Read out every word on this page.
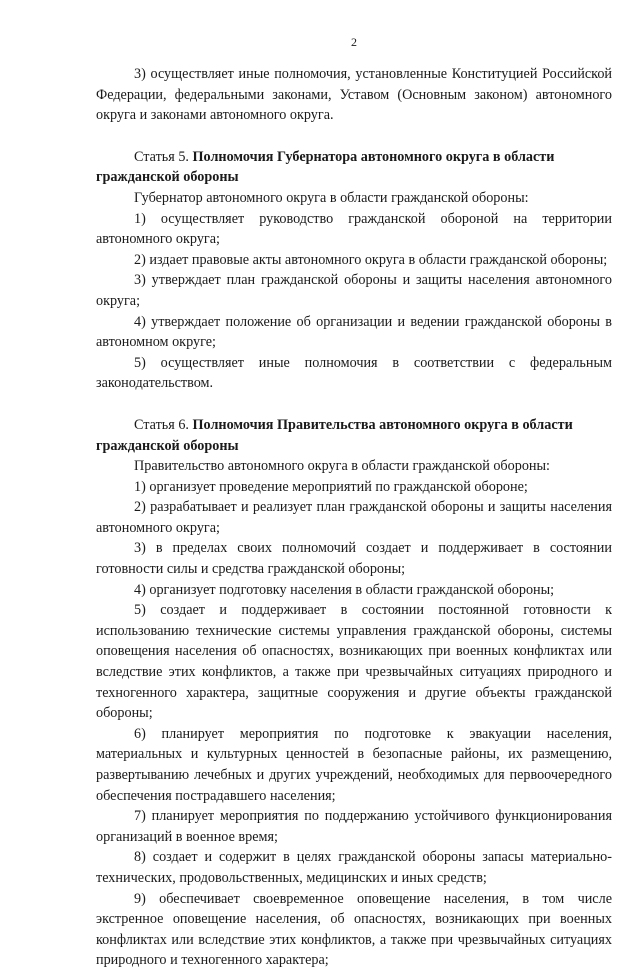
2

3) осуществляет иные полномочия, установленные Конституцией Российской Федерации, федеральными законами, Уставом (Основным законом) автономного округа и законами автономного округа.

Статья 5. Полномочия Губернатора автономного округа в области гражданской обороны

Губернатор автономного округа в области гражданской обороны:

1) осуществляет руководство гражданской обороной на территории автономного округа;

2) издает правовые акты автономного округа в области гражданской обороны;

3) утверждает план гражданской обороны и защиты населения автономного округа;

4) утверждает положение об организации и ведении гражданской обороны в автономном округе;

5) осуществляет иные полномочия в соответствии с федеральным законодательством.

Статья 6. Полномочия Правительства автономного округа в области гражданской обороны

Правительство автономного округа в области гражданской обороны:

1) организует проведение мероприятий по гражданской обороне;

2) разрабатывает и реализует план гражданской обороны и защиты населения автономного округа;

3) в пределах своих полномочий создает и поддерживает в состоянии готовности силы и средства гражданской обороны;

4) организует подготовку населения в области гражданской обороны;

5) создает и поддерживает в состоянии постоянной готовности к использованию технические системы управления гражданской обороны, системы оповещения населения об опасностях, возникающих при военных конфликтах или вследствие этих конфликтов, а также при чрезвычайных ситуациях природного и техногенного характера, защитные сооружения и другие объекты гражданской обороны;

6) планирует мероприятия по подготовке к эвакуации населения, материальных и культурных ценностей в безопасные районы, их размещению, развертыванию лечебных и других учреждений, необходимых для первоочередного обеспечения пострадавшего населения;

7) планирует мероприятия по поддержанию устойчивого функционирования организаций в военное время;

8) создает и содержит в целях гражданской обороны запасы материально-технических, продовольственных, медицинских и иных средств;

9) обеспечивает своевременное оповещение населения, в том числе экстренное оповещение населения, об опасностях, возникающих при военных конфликтах или вследствие этих конфликтов, а также при чрезвычайных ситуациях природного и техногенного характера;
